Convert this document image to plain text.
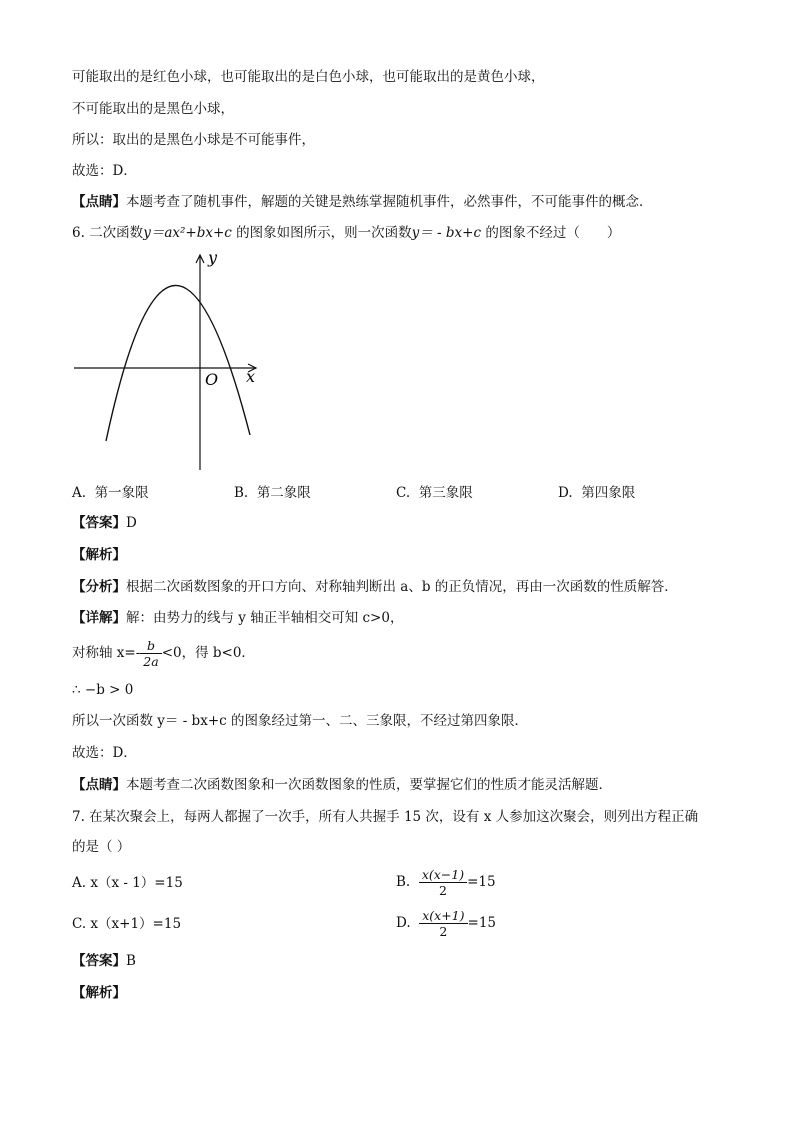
可能取出的是红色小球，也可能取出的是白色小球，也可能取出的是黄色小球，
不可能取出的是黑色小球，
所以：取出的是黑色小球是不可能事件，
故选：D．
【点睛】本题考查了随机事件，解题的关键是熟练掌握随机事件，必然事件，不可能事件的概念．
6. 二次函数y＝ax²+bx+c 的图象如图所示，则一次函数y＝ - bx+c 的图象不经过（　　）
y
x
O
A. 第一象限	B. 第二象限	C. 第三象限	D. 第四象限
【答案】D
【解析】
【分析】根据二次函数图象的开口方向、对称轴判断出 a、b 的正负情况，再由一次函数的性质解答．
【详解】解：由势力的线与 y 轴正半轴相交可知 c>0，
对称轴 $x=- \frac{b}{2a} <0$，得 b<0．
∴ −b > 0
所以一次函数 y＝ - bx+c 的图象经过第一、二、三象限，不经过第四象限．
故选：D．
【点睛】本题考查二次函数图象和一次函数图象的性质，要掌握它们的性质才能灵活解题．
7. 在某次聚会上，每两人都握了一次手，所有人共握手 15 次，设有 x 人参加这次聚会，则列出方程正确
的是（ ）
A. x（x - 1）=15	B. $\frac{x(x-1)}{2} =15$
C. x（x+1）=15	D. $\frac{x(x+1)}{2} =15$
【答案】B
【解析】
